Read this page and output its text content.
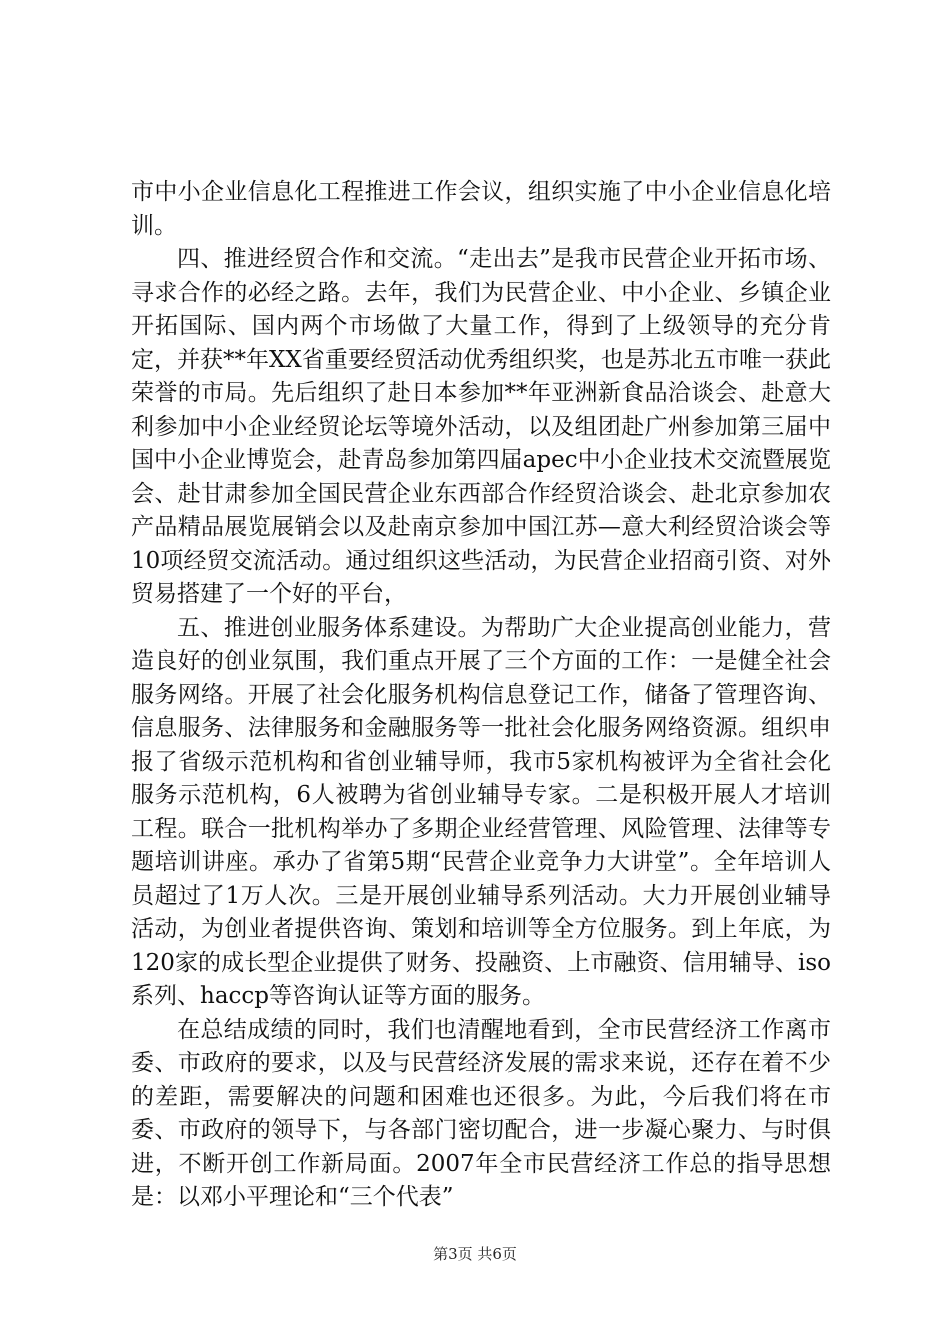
市中小企业信息化工程推进工作会议，组织实施了中小企业信息化培训。

四、推进经贸合作和交流。“走出去”是我市民营企业开拓市场、寻求合作的必经之路。去年，我们为民营企业、中小企业、乡镇企业开拓国际、国内两个市场做了大量工作，得到了上级领导的充分肯定，并获**年XX省重要经贸活动优秀组织奖，也是苏北五市唯一获此荣誉的市局。先后组织了赴日本参加**年亚洲新食品洽谈会、赴意大利参加中小企业经贸论坛等境外活动，以及组团赴广州参加第三届中国中小企业博览会，赴青岛参加第四届apec中小企业技术交流暨展览会、赴甘肃参加全国民营企业东西部合作经贸洽谈会、赴北京参加农产品精品展览展销会以及赴南京参加中国江苏—意大利经贸洽谈会等10项经贸交流活动。通过组织这些活动，为民营企业招商引资、对外贸易搭建了一个好的平台，

五、推进创业服务体系建设。为帮助广大企业提高创业能力，营造良好的创业氛围，我们重点开展了三个方面的工作：一是健全社会服务网络。开展了社会化服务机构信息登记工作，储备了管理咨询、信息服务、法律服务和金融服务等一批社会化服务网络资源。组织申报了省级示范机构和省创业辅导师，我市5家机构被评为全省社会化服务示范机构，6人被聘为省创业辅导专家。二是积极开展人才培训工程。联合一批机构举办了多期企业经营管理、风险管理、法律等专题培训讲座。承办了省第5期“民营企业竞争力大讲堂”。全年培训人员超过了1万人次。三是开展创业辅导系列活动。大力开展创业辅导活动，为创业者提供咨询、策划和培训等全方位服务。到上年底，为120家的成长型企业提供了财务、投融资、上市融资、信用辅导、iso系列、haccp等咨询认证等方面的服务。

在总结成绩的同时，我们也清醒地看到，全市民营经济工作离市委、市政府的要求，以及与民营经济发展的需求来说，还存在着不少的差距，需要解决的问题和困难也还很多。为此，今后我们将在市委、市政府的领导下，与各部门密切配合，进一步凝心聚力、与时俱进，不断开创工作新局面。2007年全市民营经济工作总的指导思想是：以邓小平理论和“三个代表”

第3页 共6页
